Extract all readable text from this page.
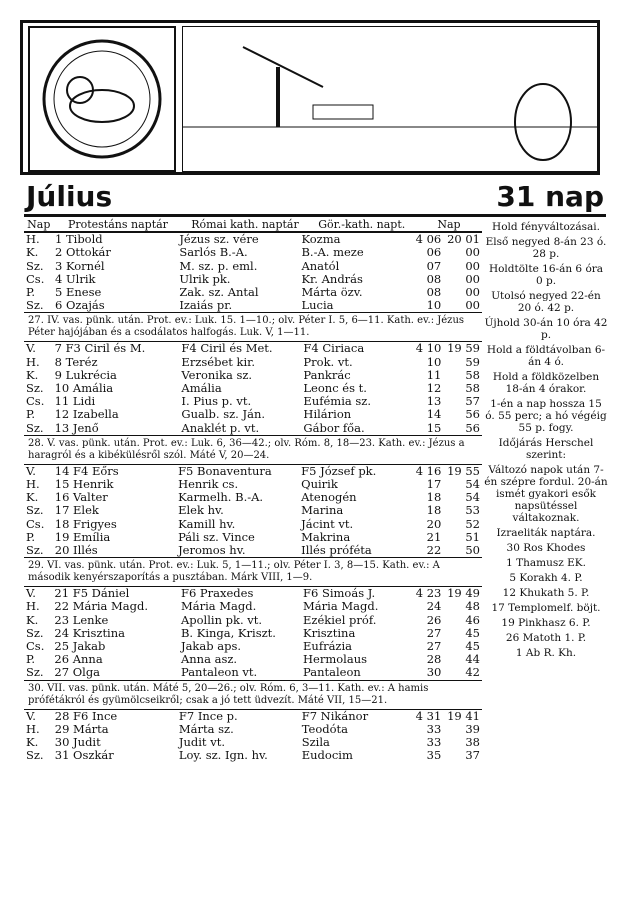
Július	31 nap
Nap	Protestáns naptár	Római kath. naptár	Gör.-kath. napt.	Nap
H.	1 Tibold	Jézus sz. vére	Kozma	4 06	20 01
K.	2 Ottokár	Sarlós B.-A.	B.-A. meze	06	00
Sz.	3 Kornél	M. sz. p. eml.	Anatól	07	00
Cs.	4 Ulrik	Ulrik pk.	Kr. András	08	00
P.	5 Enese	Zak. sz. Antal	Márta özv.	08	00
Sz.	6 Ozajás	Izaiás pr.	Lucia	10	00
27. IV. vas. pünk. után. Prot. ev.: Luk. 15. 1—10.; olv. Péter I. 5, 6—11. Kath. ev.: Jézus Péter hajójában és a csodálatos halfogás. Luk. V, 1—11.
V.	7 F3 Ciril és M.	F4 Ciril és Met.	F4 Ciriaca	4 10	19 59
H.	8 Teréz	Erzsébet kir.	Prok. vt.	10	59
K.	9 Lukrécia	Veronika sz.	Pankrác	11	58
Sz.	10 Amália	Amália	Leonc és t.	12	58
Cs.	11 Lidi	I. Pius p. vt.	Eufémia sz.	13	57
P.	12 Izabella	Gualb. sz. Ján.	Hilárion	14	56
Sz.	13 Jenő	Anaklét p. vt.	Gábor főa.	15	56
28. V. vas. pünk. után. Prot. ev.: Luk. 6, 36—42.; olv. Róm. 8, 18—23. Kath. ev.: Jézus a haragról és a kibékülésről szól. Máté V, 20—24.
V.	14 F4 Eőrs	F5 Bonaventura	F5 József pk.	4 16	19 55
H.	15 Henrik	Henrik cs.	Quirik	17	54
K.	16 Valter	Karmelh. B.-A.	Atenogén	18	54
Sz.	17 Elek	Elek hv.	Marina	18	53
Cs.	18 Frigyes	Kamill hv.	Jácint vt.	20	52
P.	19 Emília	Páli sz. Vince	Makrina	21	51
Sz.	20 Illés	Jeromos hv.	Illés próféta	22	50
29. VI. vas. pünk. után. Prot. ev.: Luk. 5, 1—11.; olv. Péter I. 3, 8—15. Kath. ev.: A második kenyérszaporítás a pusztában. Márk VIII, 1—9.
V.	21 F5 Dániel	F6 Praxedes	F6 Simoás J.	4 23	19 49
H.	22 Mária Magd.	Mária Magd.	Mária Magd.	24	48
K.	23 Lenke	Apollin pk. vt.	Ezékiel próf.	26	46
Sz.	24 Krisztina	B. Kinga, Kriszt.	Krisztina	27	45
Cs.	25 Jakab	Jakab aps.	Eufrázia	27	45
P.	26 Anna	Anna asz.	Hermolaus	28	44
Sz.	27 Olga	Pantaleon vt.	Pantaleon	30	42
30. VII. vas. pünk. után. Máté 5, 20—26.; olv. Róm. 6, 3—11. Kath. ev.: A hamis prófétákról és gyümölcseikről; csak a jó tett üdvezít. Máté VII, 15—21.
V.	28 F6 Ince	F7 Ince p.	F7 Nikánor	4 31	19 41
H.	29 Márta	Márta sz.	Teodóta	33	39
K.	30 Judit	Judit vt.	Szila	33	38
Sz.	31 Oszkár	Loy. sz. Ign. hv.	Eudocim	35	37
Hold fényváltozásai.
Első negyed 8-án 23 ó. 28 p.
Holdtölte 16-án 6 óra 0 p.
Utolsó negyed 22-én 20 ó. 42 p.
Újhold 30-án 10 óra 42 p.
Hold a földtávolban 6-án 4 ó.
Hold a földközelben 18-án 4 órakor.
1-én a nap hossza 15 ó. 55 perc; a hó végéig 55 p. fogy.
Időjárás Herschel szerint:
Változó napok után 7-én szépre fordul. 20-án ismét gyakori esők napsütéssel váltakoznak.
Izraeliták naptára.
30 Ros Khodes
1 Thamusz EK.
5 Korakh 4. P.
12 Khukath 5. P.
17 Templomelf. böjt.
19 Pinkhasz 6. P.
26 Matoth 1. P.
1 Ab R. Kh.
